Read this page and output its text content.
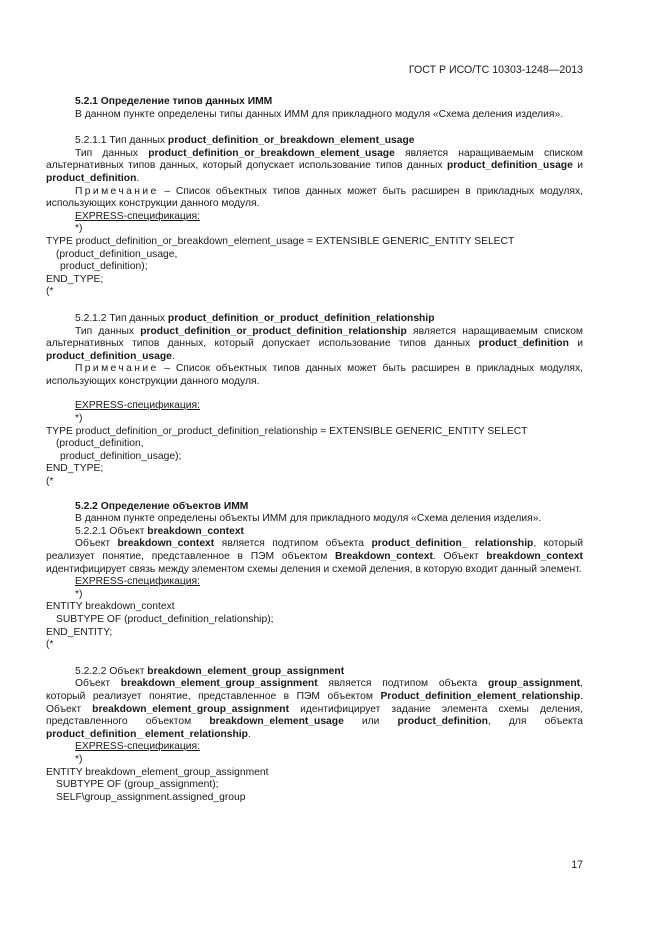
ГОСТ Р ИСО/ТС 10303-1248—2013

5.2.1 Определение типов данных ИММ

В данном пункте определены типы данных ИММ для прикладного модуля «Схема деления изделия».

5.2.1.1 Тип данных product_definition_or_breakdown_element_usage

Тип данных product_definition_or_breakdown_element_usage является наращиваемым списком альтернативных типов данных, который допускает использование типов данных product_definition_usage и product_definition.

Примечание – Список объектных типов данных может быть расширен в прикладных модулях, использующих конструкции данного модуля.

EXPRESS-спецификация:

*)

TYPE product_definition_or_breakdown_element_usage = EXTENSIBLE GENERIC_ENTITY SELECT

(product_definition_usage,

product_definition);

END_TYPE;

(*

5.2.1.2 Тип данных product_definition_or_product_definition_relationship

Тип данных product_definition_or_product_definition_relationship является наращиваемым списком альтернативных типов данных, который допускает использование типов данных product_definition и product_definition_usage.

Примечание – Список объектных типов данных может быть расширен в прикладных модулях, использующих конструкции данного модуля.

EXPRESS-спецификация:

*)

TYPE product_definition_or_product_definition_relationship = EXTENSIBLE GENERIC_ENTITY SELECT

(product_definition,

product_definition_usage);

END_TYPE;

(*

5.2.2 Определение объектов ИММ

В данном пункте определены объекты ИММ для прикладного модуля «Схема деления изделия».

5.2.2.1 Объект breakdown_context

Объект breakdown_context является подтипом объекта product_definition_ relationship, который реализует понятие, представленное в ПЭМ объектом Breakdown_context. Объект breakdown_context идентифицирует связь между элементом схемы деления и схемой деления, в которую входит данный элемент.

EXPRESS-спецификация:

*)

ENTITY breakdown_context

SUBTYPE OF (product_definition_relationship);

END_ENTITY;

(*

5.2.2.2 Объект breakdown_element_group_assignment

Объект breakdown_element_group_assignment является подтипом объекта group_assignment, который реализует понятие, представленное в ПЭМ объектом Product_definition_element_relationship. Объект breakdown_element_group_assignment идентифицирует задание элемента схемы деления, представленного объектом breakdown_element_usage или product_definition, для объекта product_definition_ element_relationship.

EXPRESS-спецификация:

*)

ENTITY breakdown_element_group_assignment

SUBTYPE OF (group_assignment);

SELF\group_assignment.assigned_group

17
